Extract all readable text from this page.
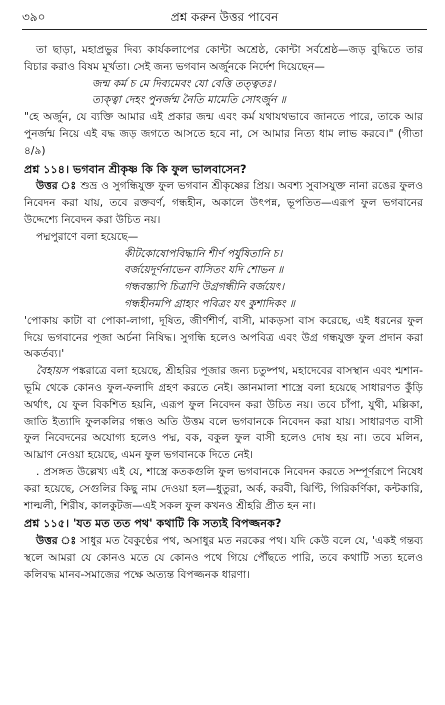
প্রশ্ন করুন উত্তর পাবেন
৩৯০

তা ছাড়া, মহাপ্রভুর দিব্য কার্যকলাপের কোন্টা অশ্রেষ্ঠ, কোন্টা সর্বশ্রেষ্ঠ—জড় বুদ্ধিতে তার বিচার করাও বিষম মূর্খতা। সেই জন্য ভগবান অর্জুনকে নির্দেশ দিয়েছেন—

জন্ম কর্ম চ মে দিব্যমেবং যো বেত্তি তত্ত্বতঃ।

ত্যক্ত্বা দেহং পুনর্জন্ম নৈতি মামেতি সোঽর্জুন ॥

"হে অর্জুন, যে ব্যক্তি আমার এই প্রকার জন্ম এবং কর্ম যথাযথভাবে জানতে পারে, তাকে আর পুনর্জন্ম নিয়ে এই বদ্ধ জড় জগতে আসতে হবে না, সে আমার নিত্য ধাম লাভ করবে।" (গীতা ৪/৯)

প্রশ্ন ১১৪। ভগবান শ্রীকৃষ্ণ কি কি ফুল ভালবাসেন?

উত্তর ঃ শুভ্র ও সুগন্ধিযুক্ত ফুল ভগবান শ্রীকৃষ্ণের প্রিয়। অবশ্য সুবাসযুক্ত নানা রঙের ফুলও নিবেদন করা যায়, তবে রক্তবর্ণ, গন্ধহীন, অকালে উৎপন্ন, ভূপতিত—এরূপ ফুল ভগবানের উদ্দেশ্যে নিবেদন করা উচিত নয়।

পদ্মপুরাণে বলা হয়েছে—

কীটকোষোপবিদ্ধানি শীর্ণ পর্যুষিতানি চ।

বর্জয়েদূর্ণনাভেন বাসিতং যদি শোভন ॥

গন্ধবন্ত্যপি চিত্রাণি উগ্রগন্ধীনি বর্জয়েৎ।

গন্ধহীনমপি গ্রাহ্যং পবিত্রং যৎ কুশাদিকং ॥

'পোকায় কাটা বা পোকা-লাগা, দূষিত, জীর্ণশীর্ণ, বাসী, মাকড়সা বাস করেছে, এই ধরনের ফুল দিয়ে ভগবানের পূজা অর্চনা নিষিদ্ধ। সুগন্ধি হলেও অপবিত্র এবং উগ্র গন্ধযুক্ত ফুল প্রদান করা অকর্তব্য।'

বৈহায়স পঙ্করাত্রে বলা হয়েছে, শ্রীহরির পূজার জন্য চতুষ্পথ, মহাদেবের বাসস্থান এবং শ্মশান-ভূমি থেকে কোনও ফুল-ফলাদি গ্রহণ করতে নেই। জ্ঞানমালা শাস্ত্রে বলা হয়েছে সাধারণত কুঁড়ি অর্থাৎ, যে ফুল বিকশিত হয়নি, এরূপ ফুল নিবেদন করা উচিত নয়। তবে চাঁপা, যুথী, মল্লিকা, জাতি ইত্যাদি ফুলকলির গন্ধও অতি উত্তম বলে ভগবানকে নিবেদন করা যায়। সাধারণত বাসী ফুল নিবেদনের অযোগ্য হলেও পদ্ম, বক, বকুল ফুল বাসী হলেও দোষ হয় না। তবে মলিন, আঘ্রাণ নেওয়া হয়েছে, এমন ফুল ভগবানকে দিতে নেই।

. প্রসঙ্গত উল্লেখ্য এই যে, শাস্ত্রে কতকগুলি ফুল ভগবানকে নিবেদন করতে সম্পূর্ণরূপে নিষেধ করা হয়েছে, সেগুলির কিছু নাম দেওয়া হল—ধুতুরা, অর্ক, করবী, ঝিণ্টি, গিরিকর্ণিকা, কন্টকারি, শাল্মলী, শিরীষ, কালকুটজ—এই সকল ফুল কখনও শ্রীহরি প্রীত হন না।

প্রশ্ন ১১৫। 'যত মত তত পথ' কথাটি কি সত্যই বিপজ্জনক?

উত্তর ঃ সাধুর মত বৈকুণ্ঠের পথ, অসাধুর মত নরকের পথ। যদি কেউ বলে যে, 'একই গন্তব্য স্থলে আমরা যে কোনও মতে যে কোনও পথে গিয়ে পৌঁছতে পারি, তবে কথাটি সত্য হলেও কলিবদ্ধ মানব-সমাজের পক্ষে অত্যন্ত বিপজ্জনক ধারণা।
